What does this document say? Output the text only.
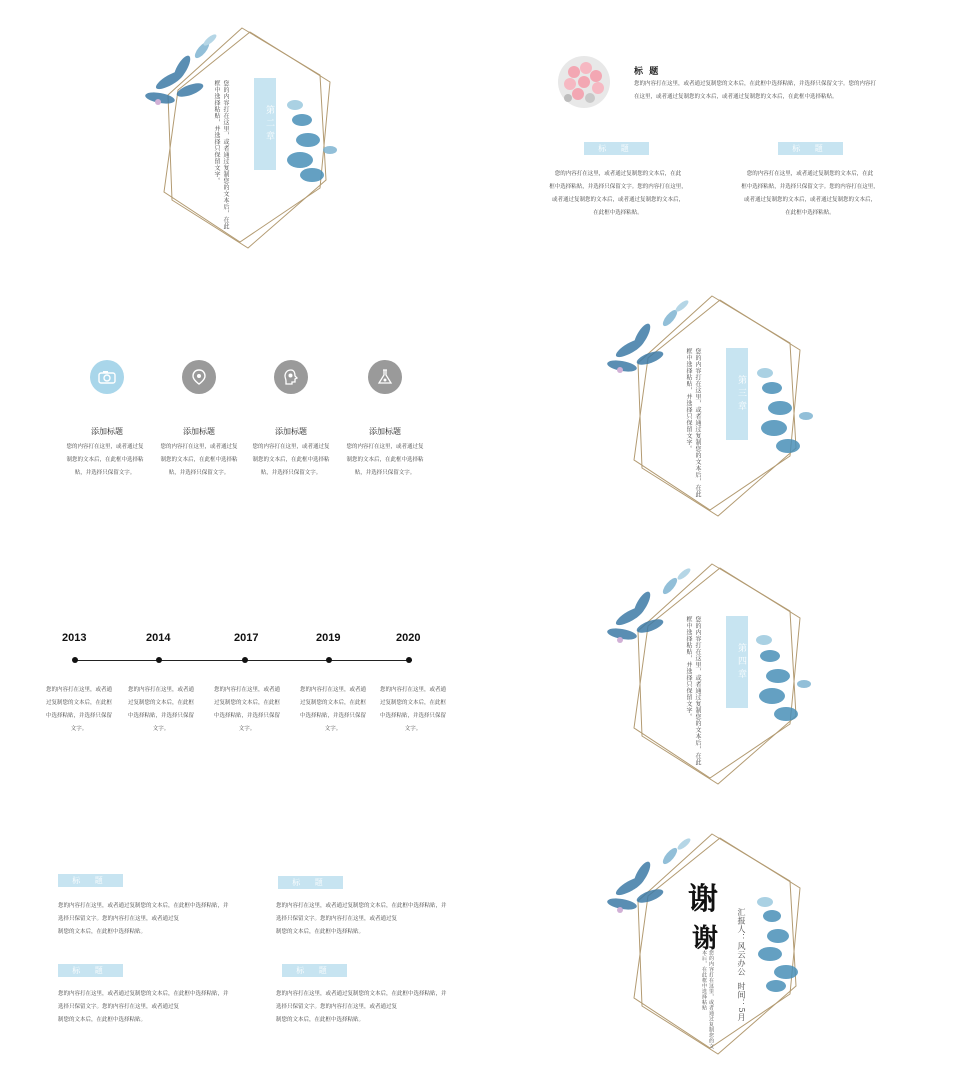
第二章
您的内容打在这里，或者通过复制您的文本后，在此框中选择粘贴，并选择只保留文字。
标  题
您的内容打在这里，或者通过复制您的文本后，在此框中选择粘贴，并选择只保留文字。您的内容打
在这里，或者通过复制您的文本后，或者通过复制您的文本后，在此框中选择粘贴。
标 题
您的内容打在这里，或者通过复制您的文本后，在此
框中选择粘贴，并选择只保留文字。您的内容打在这里，
或者通过复制您的文本后，或者通过复制您的文本后，
在此框中选择粘贴。
标 题
您的内容打在这里，或者通过复制您的文本后，在此
框中选择粘贴，并选择只保留文字。您的内容打在这里，
或者通过复制您的文本后，或者通过复制您的文本后，
在此框中选择粘贴。
添加标题
您的内容打在这里，或者通过复
制您的文本后，在此框中选择粘
贴，并选择只保留文字。
添加标题
您的内容打在这里，或者通过复
制您的文本后，在此框中选择粘
贴，并选择只保留文字。
添加标题
您的内容打在这里，或者通过复
制您的文本后，在此框中选择粘
贴，并选择只保留文字。
添加标题
您的内容打在这里，或者通过复
制您的文本后，在此框中选择粘
贴，并选择只保留文字。
第三章
您的内容打在这里，或者通过复制您的文本后，在此框中选择粘贴，并选择只保留文字。
2013	2014	2017	2019	2020
您的内容打在这里，或者通
过复制您的文本后，在此框
中选择粘贴，并选择只保留
文字。
您的内容打在这里，或者通
过复制您的文本后，在此框
中选择粘贴，并选择只保留
文字。
您的内容打在这里，或者通
过复制您的文本后，在此框
中选择粘贴，并选择只保留
文字。
您的内容打在这里，或者通
过复制您的文本后，在此框
中选择粘贴，并选择只保留
文字。
您的内容打在这里，或者通
过复制您的文本后，在此框
中选择粘贴，并选择只保留
文字。
第四章
您的内容打在这里，或者通过复制您的文本后，在此框中选择粘贴，并选择只保留文字。
标 题
您的内容打在这里，或者通过复制您的文本后，在此框中选择粘贴，并
选择只保留文字。您的内容打在这里，或者通过复
制您的文本后，在此框中选择粘贴。
标 题
您的内容打在这里，或者通过复制您的文本后，在此框中选择粘贴，并
选择只保留文字。您的内容打在这里，或者通过复
制您的文本后，在此框中选择粘贴。
标 题
您的内容打在这里，或者通过复制您的文本后，在此框中选择粘贴，并
选择只保留文字。您的内容打在这里，或者通过复
制您的文本后，在此框中选择粘贴。
标 题
您的内容打在这里，或者通过复制您的文本后，在此框中选择粘贴，并
选择只保留文字。您的内容打在这里，或者通过复
制您的文本后，在此框中选择粘贴。
谢
谢 汇报人：风云办公
时间：5月
您的内容打在这里，或者通过复制您的文本后，在此框中选择粘贴
